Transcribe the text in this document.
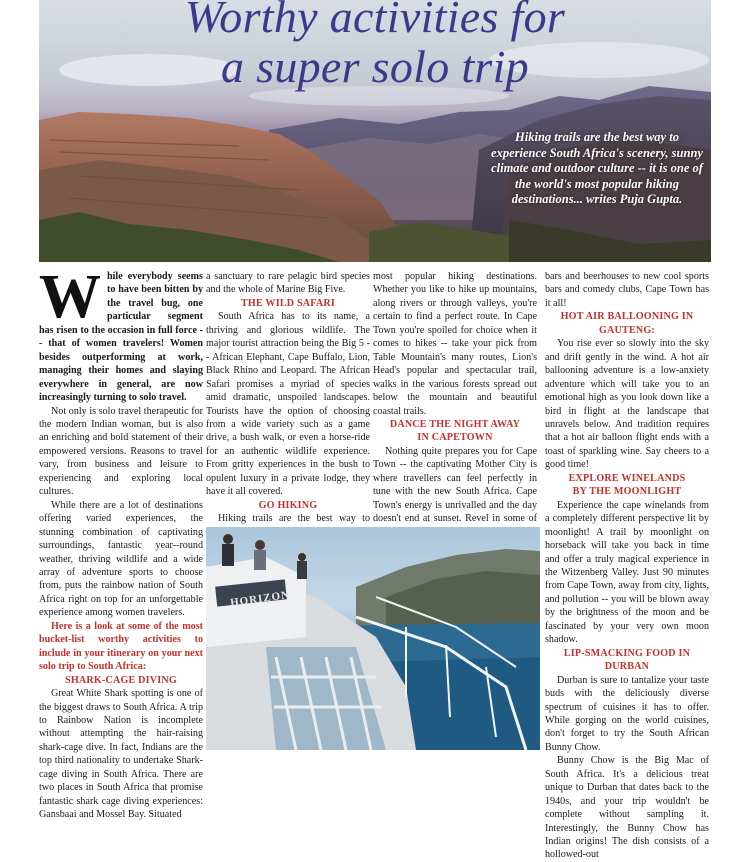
Worthy activities for
a super solo trip
Hiking trails are the best way to experience South Africa's scenery, sunny climate and outdoor culture -- it is one of the world's most popular hiking destinations... writes Puja Gupta.

While everybody seems to have been bitten by the travel bug, one particular segment has risen to the occasion in full force -- that of women travelers! Women besides outperforming at work, managing their homes and slaying everywhere in general, are now increasingly turning to solo travel.

Not only is solo travel therapeutic for the modern Indian woman, but is also an enriching and bold statement of their empowered versions. Reasons to travel vary, from business and leisure to experiencing and exploring local cultures.

While there are a lot of destinations offering varied experiences, the stunning combination of captivating surroundings, fantastic year--round weather, thriving wildlife and a wide array of adventure sports to choose from, puts the rainbow nation of South Africa right on top for an unforgettable experience among women travelers.

Here is a look at some of the most bucket-list worthy activities to include in your itinerary on your next solo trip to South Africa:

SHARK-CAGE DIVING

Great White Shark spotting is one of the biggest draws to South Africa. A trip to Rainbow Nation is incomplete without attempting the hair-raising shark-cage dive. In fact, Indians are the top third nationality to undertake Shark-cage diving in South Africa. There are two places in South Africa that promise fantastic shark cage diving experiences: Gansbaai and Mossel Bay. Situated

a sanctuary to rare pelagic bird species and the whole of Marine Big Five.

THE WILD SAFARI

South Africa has to its name, a thriving and glorious wildlife. The major tourist attraction being the Big 5 -- African Elephant, Cape Buffalo, Lion, Black Rhino and Leopard. The African Safari promises a myriad of species amid dramatic, unspoiled landscapes. Tourists have the option of choosing from a wide variety such as a game drive, a bush walk, or even a horse-ride for an authentic wildlife experience. From gritty experiences in the bush to opulent luxury in a private lodge, they have it all covered.

GO HIKING

Hiking trails are the best way to

most popular hiking destinations. Whether you like to hike up mountains, along rivers or through valleys, you're certain to find a perfect route. In Cape Town you're spoiled for choice when it comes to hikes -- take your pick from Table Mountain's many routes, Lion's Head's popular and spectacular trail, walks in the various forests spread out below the mountain and beautiful coastal trails.

DANCE THE NIGHT AWAY
IN CAPETOWN

Nothing quite prepares you for Cape Town -- the captivating Mother City is where travellers can feel perfectly in tune with the new South Africa. Cape Town's energy is unrivalled and the day doesn't end at sunset. Revel in some of

bars and beerhouses to new cool sports bars and comedy clubs, Cape Town has it all!

HOT AIR BALLOONING IN
GAUTENG:

You rise ever so slowly into the sky and drift gently in the wind. A hot air ballooning adventure is a low-anxiety adventure which will take you to an emotional high as you look down like a bird in flight at the landscape that unravels below. And tradition requires that a hot air balloon flight ends with a toast of sparkling wine. Say cheers to a good time!

EXPLORE WINELANDS
BY THE MOONLIGHT

Experience the cape winelands from a completely different perspective lit by moonlight! A trail by moonlight on horseback will take you back in time and offer a truly magical experience in the Witzenberg Valley. Just 90 minutes from Cape Town, away from city, lights, and pollution -- you will be blown away by the brightness of the moon and be fascinated by your very own moon shadow.

LIP-SMACKING FOOD IN DURBAN

Durban is sure to tantalize your taste buds with the deliciously diverse spectrum of cuisines it has to offer. While gorging on the world cuisines, don't forget to try the South African Bunny Chow.

Bunny Chow is the Big Mac of South Africa. It's a delicious treat unique to Durban that dates back to the 1940s, and your trip wouldn't be complete without sampling it. Interestingly, the Bunny Chow has Indian origins! The dish consists of a hollowed-out

HORIZON
